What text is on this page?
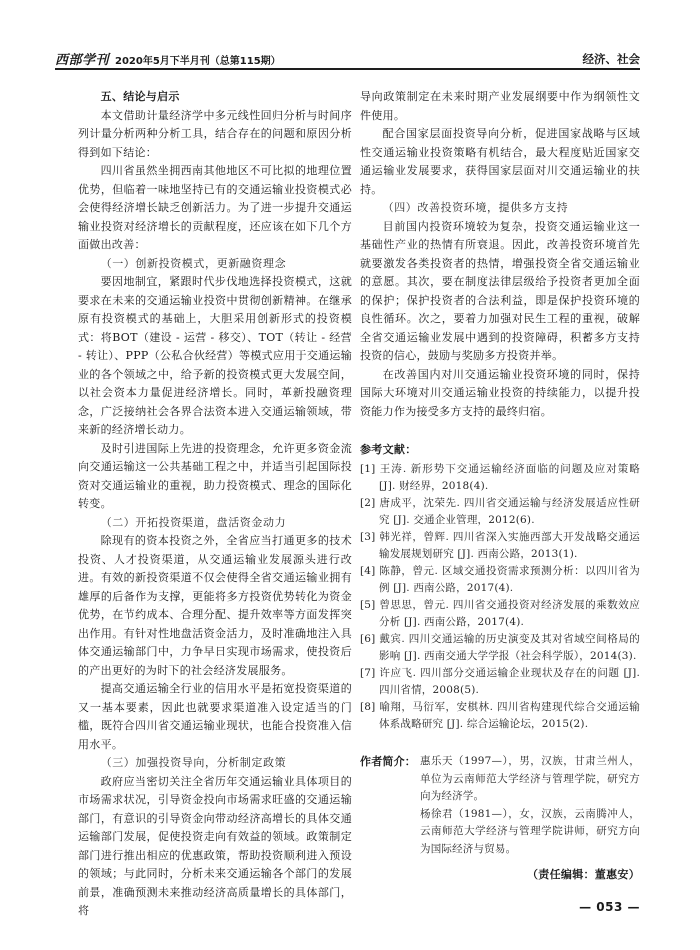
西部学刊 2020年5月下半月刊（总第115期）	经济、社会

五、结论与启示

本文借助计量经济学中多元线性回归分析与时间序列计量分析两种分析工具，结合存在的问题和原因分析得到如下结论：

四川省虽然坐拥西南其他地区不可比拟的地理位置优势，但临着一味地坚持已有的交通运输业投资模式必会使得经济增长缺乏创新活力。为了进一步提升交通运输业投资对经济增长的贡献程度，还应该在如下几个方面做出改善：

（一）创新投资模式，更新融资理念

要因地制宜，紧跟时代步伐地选择投资模式，这就要求在未来的交通运输业投资中贯彻创新精神。在继承原有投资模式的基础上，大胆采用创新形式的投资模式：将BOT（建设 - 运营 - 移交）、TOT（转让 - 经营 - 转让）、PPP（公私合伙经营）等模式应用于交通运输业的各个领域之中，给予新的投资模式更大发展空间，以社会资本力量促进经济增长。同时，革新投融资理念，广泛接纳社会各界合法资本进入交通运输领域，带来新的经济增长动力。

及时引进国际上先进的投资理念，允许更多资金流向交通运输这一公共基础工程之中，并适当引起国际投资对交通运输业的重视，助力投资模式、理念的国际化转变。

（二）开拓投资渠道，盘活资金动力

除现有的资本投资之外，全省应当打通更多的技术投资、人才投资渠道，从交通运输业发展源头进行改进。有效的新投资渠道不仅会使得全省交通运输业拥有雄厚的后备作为支撑，更能将多方投资优势转化为资金优势，在节约成本、合理分配、提升效率等方面发挥突出作用。有针对性地盘活资金活力，及时准确地注入具体交通运输部门中，力争早日实现市场需求，使投资后的产出更好的为时下的社会经济发展服务。

提高交通运输全行业的信用水平是拓宽投资渠道的又一基本要素，因此也就要求渠道准入设定适当的门槛，既符合四川省交通运输业现状，也能合投资准入信用水平。

（三）加强投资导向，分析制定政策

政府应当密切关注全省历年交通运输业具体项目的市场需求状况，引导资金投向市场需求旺盛的交通运输部门，有意识的引导资金向带动经济高增长的具体交通运输部门发展，促使投资走向有效益的领域。政策制定部门进行推出相应的优惠政策，帮助投资顺利进入预设的领域；与此同时，分析未来交通运输各个部门的发展前景，准确预测未来推动经济高质量增长的具体部门，将

导向政策制定在未来时期产业发展纲要中作为纲领性文件使用。

配合国家层面投资导向分析，促进国家战略与区域性交通运输业投资策略有机结合，最大程度贴近国家交通运输业发展要求，获得国家层面对川交通运输业的扶持。

（四）改善投资环境，提供多方支持

目前国内投资环境较为复杂，投资交通运输业这一基础性产业的热情有所衰退。因此，改善投资环境首先就要激发各类投资者的热情，增强投资全省交通运输业的意愿。其次，要在制度法律层级给予投资者更加全面的保护；保护投资者的合法利益，即是保护投资环境的良性循环。次之，要着力加强对民生工程的重视，破解全省交通运输业发展中遇到的投资障碍，积蓄多方支持投资的信心，鼓励与奖励多方投资并举。

在改善国内对川交通运输业投资环境的同时，保持国际大环境对川交通运输业投资的持续能力，以提升投资能力作为接受多方支持的最终归宿。

参考文献：
[1] 王涛. 新形势下交通运输经济面临的问题及应对策略 [J]. 财经界，2018(4).
[2] 唐成平，沈荣先. 四川省交通运输与经济发展适应性研究 [J]. 交通企业管理，2012(6).
[3] 韩光祥，曾辉. 四川省深入实施西部大开发战略交通运输发展规划研究 [J]. 西南公路，2013(1).
[4] 陈静，曾元. 区域交通投资需求预测分析：以四川省为例 [J]. 西南公路，2017(4).
[5] 曾思思，曾元. 四川省交通投资对经济发展的乘数效应分析 [J]. 西南公路，2017(4).
[6] 戴宾. 四川交通运输的历史演变及其对省域空间格局的影响 [J]. 西南交通大学学报（社会科学版），2014(3).
[7] 许应飞. 四川部分交通运输企业现状及存在的问题 [J]. 四川省情，2008(5).
[8] 喻翔，马衍军，安棋林. 四川省构建现代综合交通运输体系战略研究 [J]. 综合运输论坛，2015(2).
作者简介： 惠乐天（1997—），男，汉族，甘肃兰州人，单位为云南师范大学经济与管理学院，研究方向为经济学。

杨徐君（1981—），女，汉族，云南腾冲人，云南师范大学经济与管理学院讲师，研究方向为国际经济与贸易。

（责任编辑：董惠安）
— 053 —
